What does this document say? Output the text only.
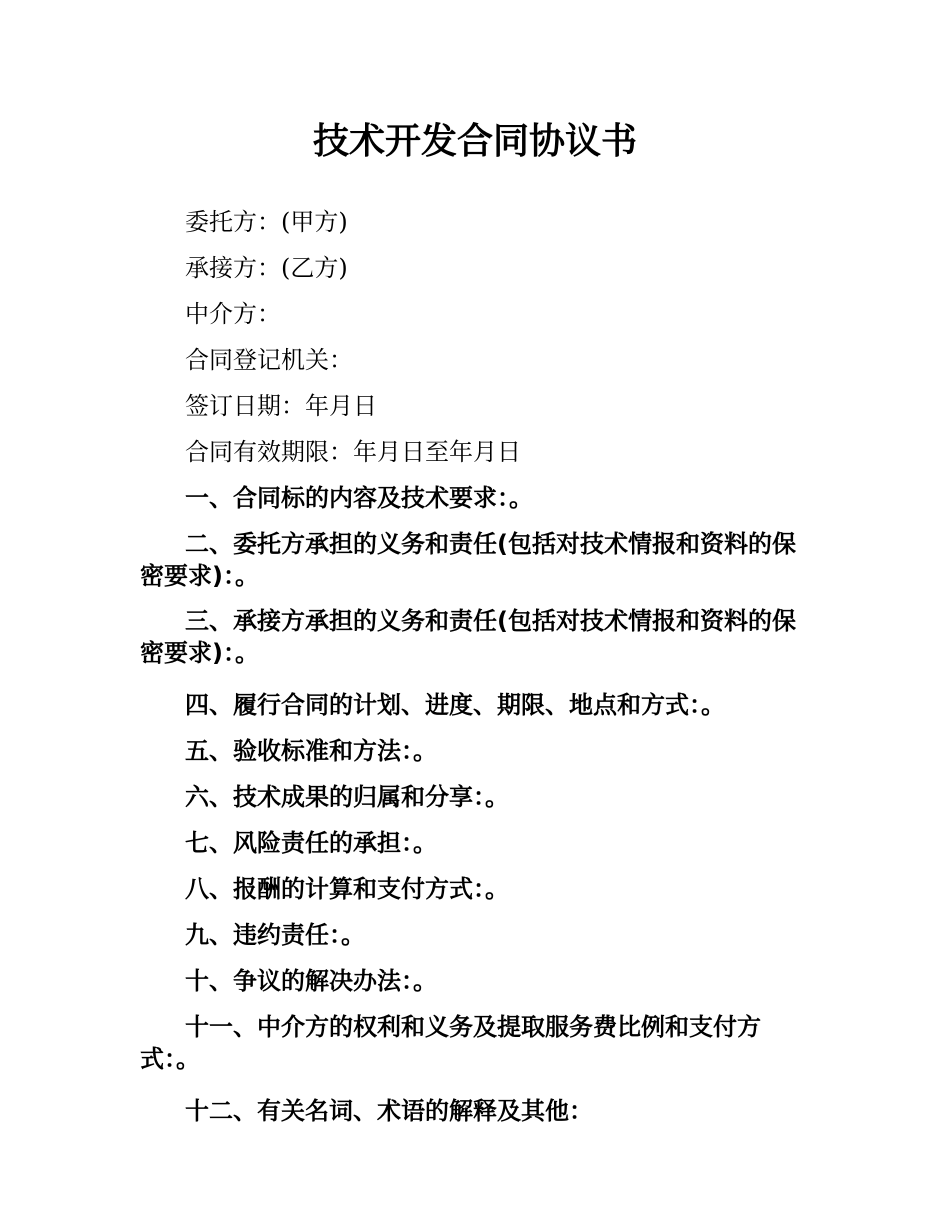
技术开发合同协议书

委托方：(甲方)

承接方：(乙方)

中介方：

合同登记机关：

签订日期：年月日

合同有效期限：年月日至年月日

一、合同标的内容及技术要求：。

二、委托方承担的义务和责任(包括对技术情报和资料的保密要求)：。

三、承接方承担的义务和责任(包括对技术情报和资料的保密要求)：。

四、履行合同的计划、进度、期限、地点和方式：。

五、验收标准和方法：。

六、技术成果的归属和分享：。

七、风险责任的承担：。

八、报酬的计算和支付方式：。

九、违约责任：。

十、争议的解决办法：。

十一、中介方的权利和义务及提取服务费比例和支付方式：。

十二、有关名词、术语的解释及其他：
